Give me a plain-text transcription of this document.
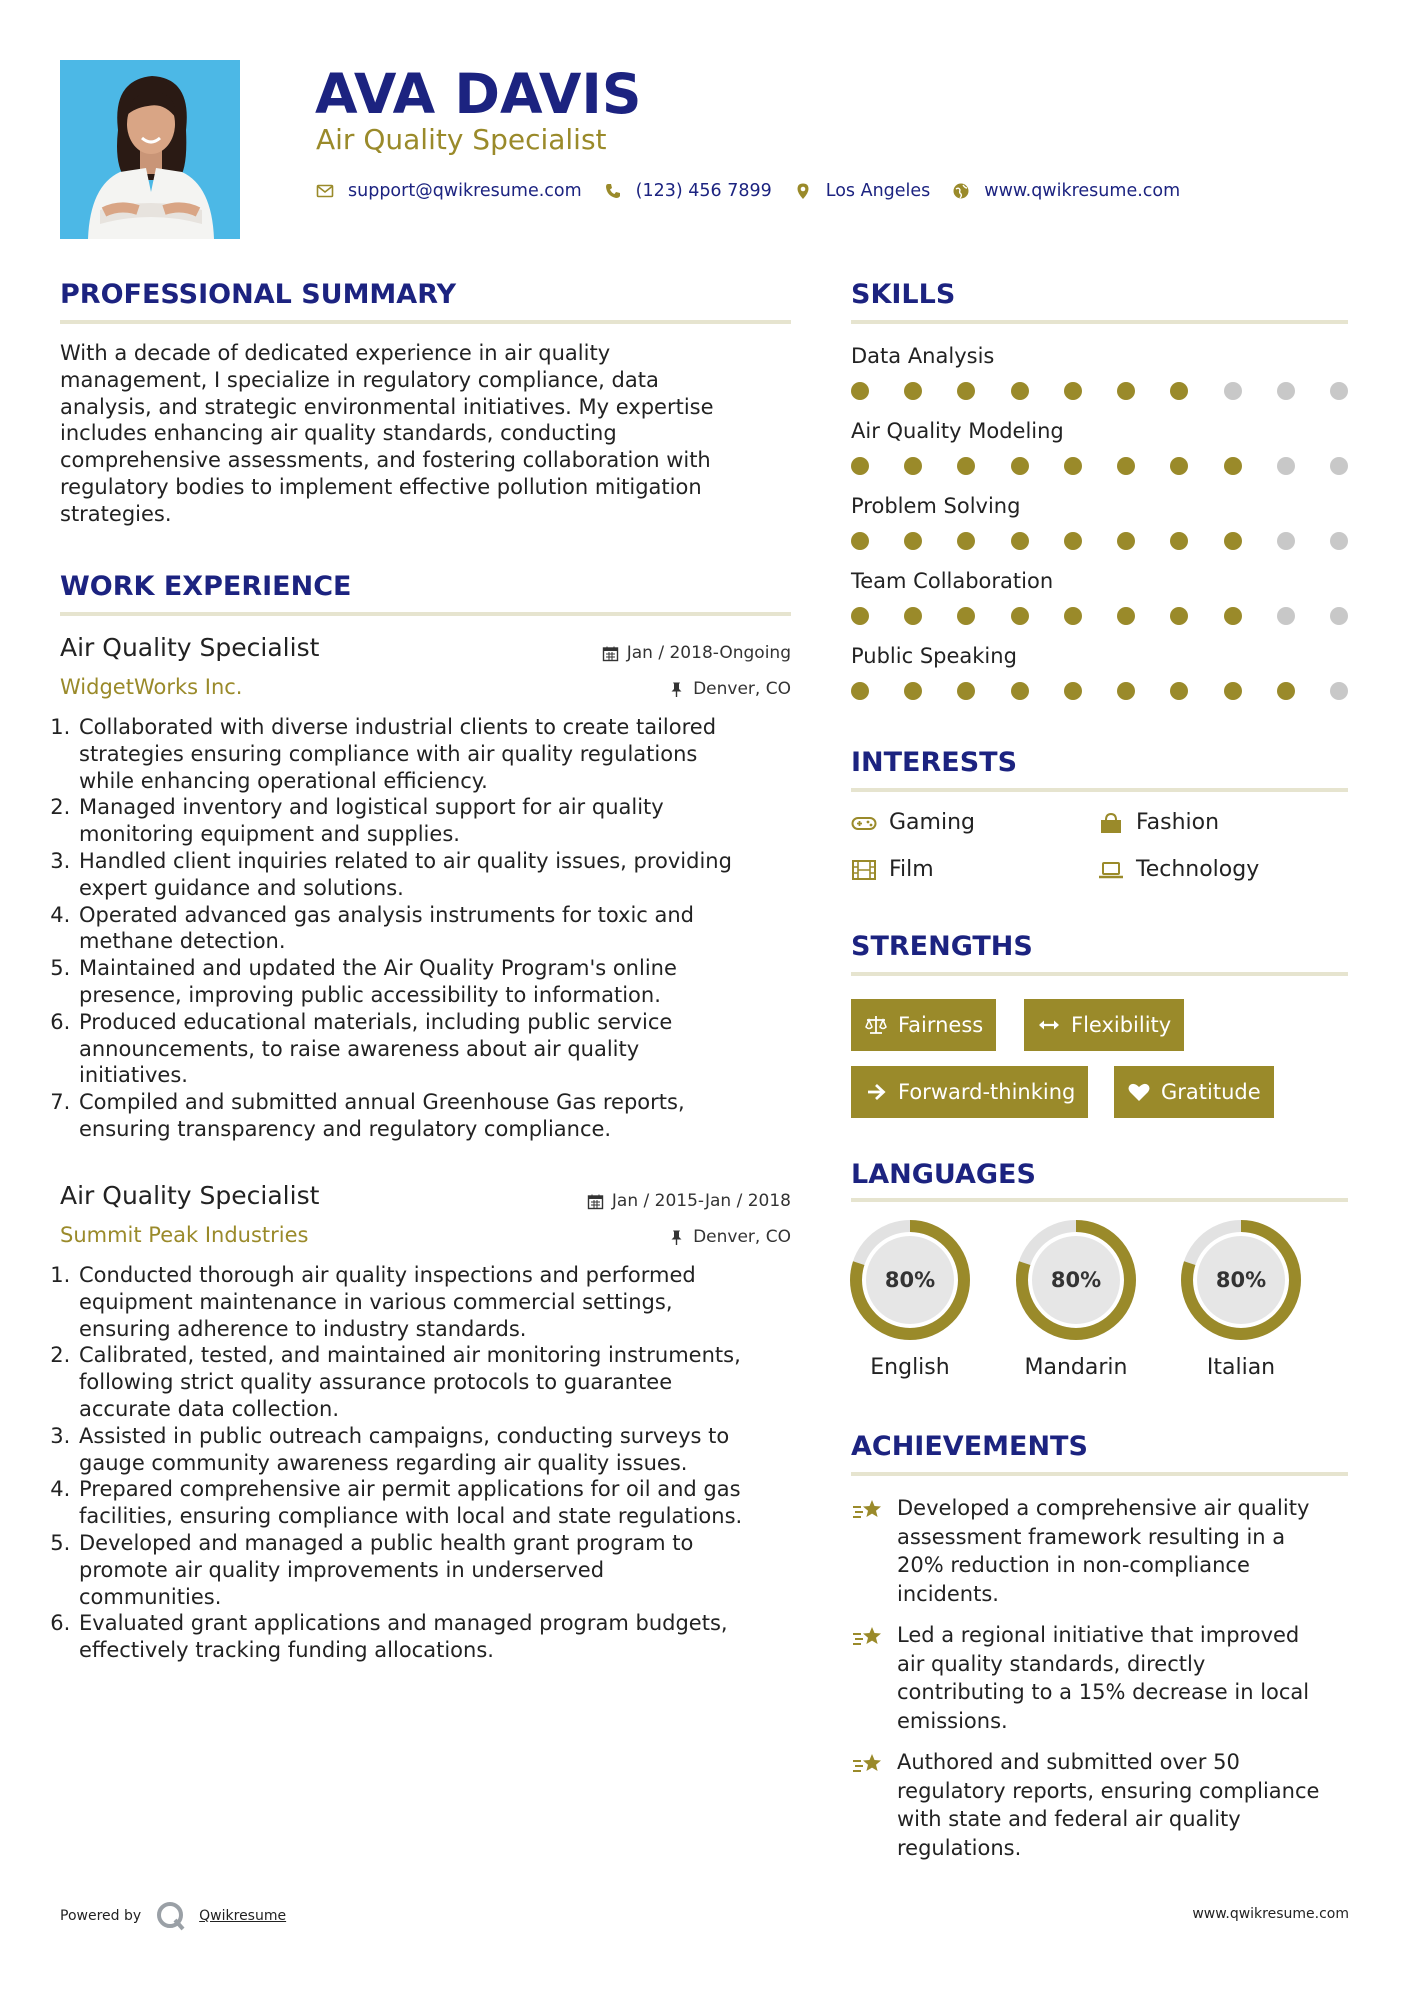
AVA DAVIS
Air Quality Specialist
support@qwikresume.com	(123) 456 7899	Los Angeles	www.qwikresume.com
PROFESSIONAL SUMMARY
With a decade of dedicated experience in air quality
management, I specialize in regulatory compliance, data
analysis, and strategic environmental initiatives. My expertise
includes enhancing air quality standards, conducting
comprehensive assessments, and fostering collaboration with
regulatory bodies to implement effective pollution mitigation
strategies.
WORK EXPERIENCE
Air Quality Specialist	Jan / 2018-Ongoing
WidgetWorks Inc.	Denver, CO
1. Collaborated with diverse industrial clients to create tailored
strategies ensuring compliance with air quality regulations
while enhancing operational efficiency.
2. Managed inventory and logistical support for air quality
monitoring equipment and supplies.
3. Handled client inquiries related to air quality issues, providing
expert guidance and solutions.
4. Operated advanced gas analysis instruments for toxic and
methane detection.
5. Maintained and updated the Air Quality Program's online
presence, improving public accessibility to information.
6. Produced educational materials, including public service
announcements, to raise awareness about air quality
initiatives.
7. Compiled and submitted annual Greenhouse Gas reports,
ensuring transparency and regulatory compliance.
Air Quality Specialist	Jan / 2015-Jan / 2018
Summit Peak Industries	Denver, CO
1. Conducted thorough air quality inspections and performed
equipment maintenance in various commercial settings,
ensuring adherence to industry standards.
2. Calibrated, tested, and maintained air monitoring instruments,
following strict quality assurance protocols to guarantee
accurate data collection.
3. Assisted in public outreach campaigns, conducting surveys to
gauge community awareness regarding air quality issues.
4. Prepared comprehensive air permit applications for oil and gas
facilities, ensuring compliance with local and state regulations.
5. Developed and managed a public health grant program to
promote air quality improvements in underserved
communities.
6. Evaluated grant applications and managed program budgets,
effectively tracking funding allocations.
SKILLS
Data Analysis
Air Quality Modeling
Problem Solving
Team Collaboration
Public Speaking
INTERESTS
Gaming	Fashion
Film	Technology
STRENGTHS
Fairness	Flexibility
Forward-thinking	Gratitude
LANGUAGES
80%
English
80%
Mandarin
80%
Italian
ACHIEVEMENTS
Developed a comprehensive air quality
assessment framework resulting in a
20% reduction in non-compliance
incidents.
Led a regional initiative that improved
air quality standards, directly
contributing to a 15% decrease in local
emissions.
Authored and submitted over 50
regulatory reports, ensuring compliance
with state and federal air quality
regulations.
Powered by	Qwikresume	www.qwikresume.com
